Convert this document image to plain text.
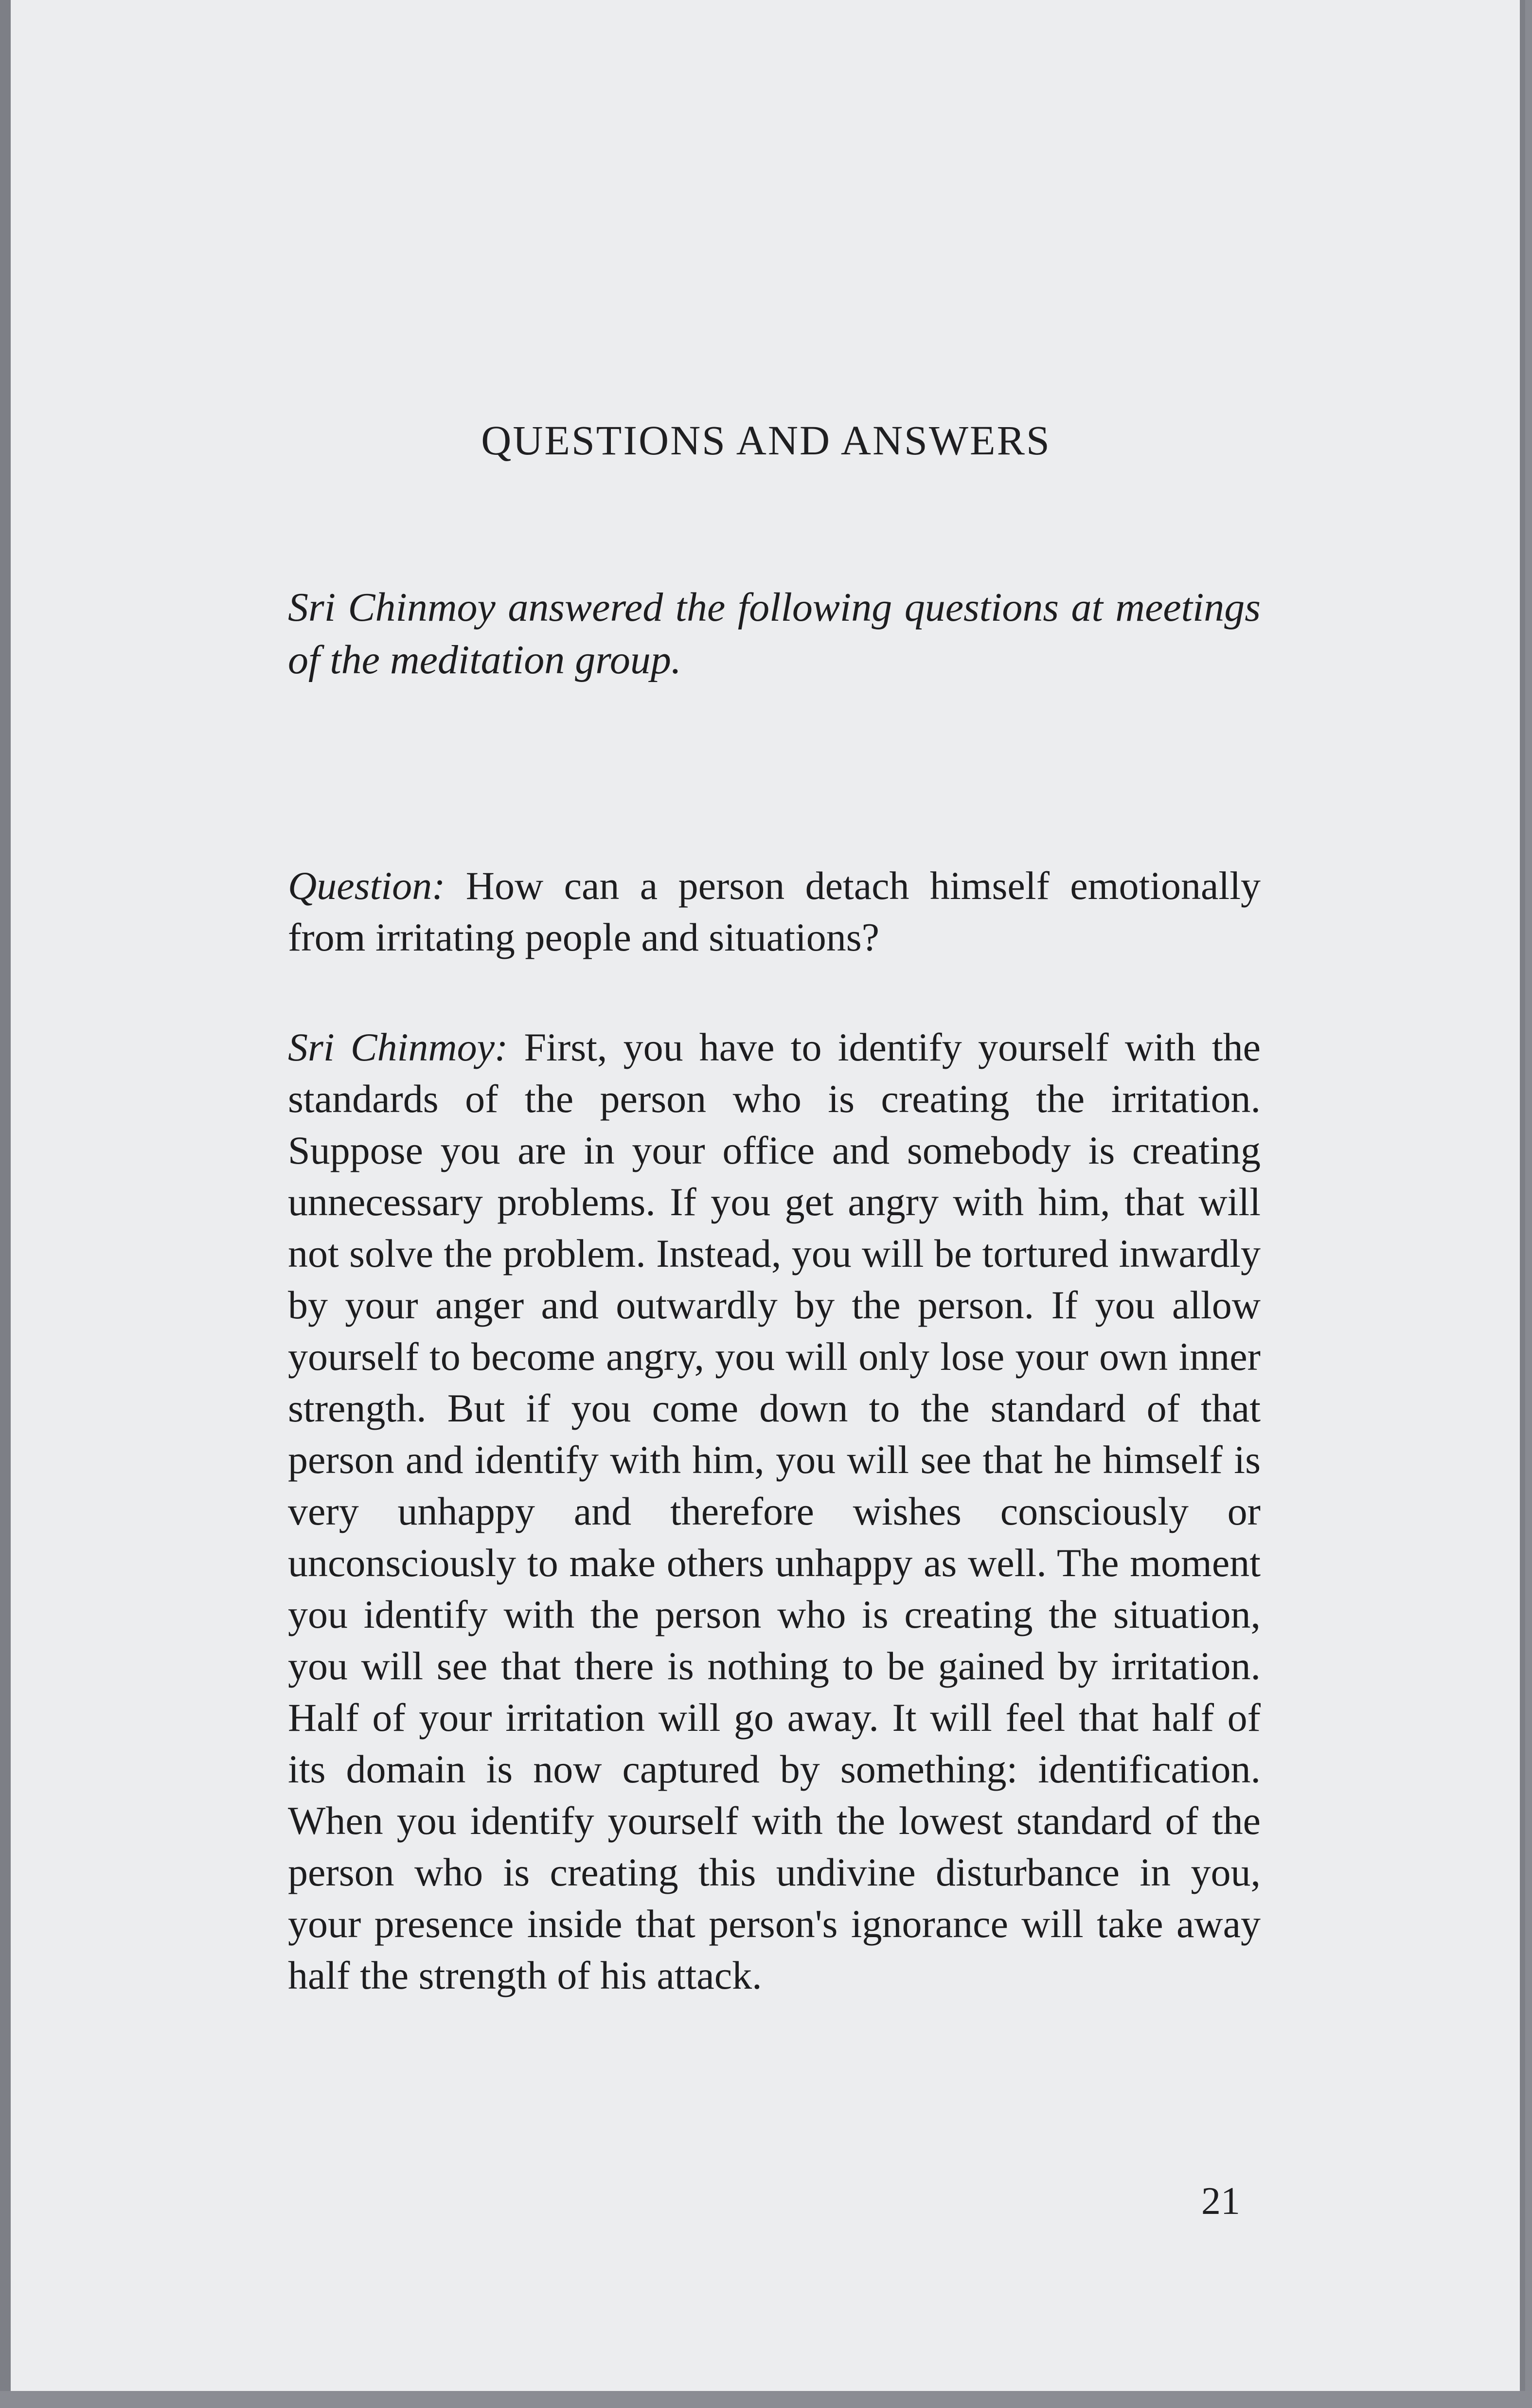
QUESTIONS AND ANSWERS
Sri Chinmoy answered the following questions at meetings of the meditation group.
Question: How can a person detach himself emotionally from irritating people and situations?
Sri Chinmoy: First, you have to identify yourself with the standards of the person who is creating the irritation. Suppose you are in your office and somebody is creating unnecessary problems. If you get angry with him, that will not solve the problem. Instead, you will be tortured inwardly by your anger and outwardly by the person. If you allow yourself to become angry, you will only lose your own inner strength. But if you come down to the standard of that person and identify with him, you will see that he himself is very unhappy and therefore wishes consciously or unconsciously to make others unhappy as well. The moment you identify with the person who is creating the situation, you will see that there is nothing to be gained by irritation. Half of your irritation will go away. It will feel that half of its domain is now captured by something: identification. When you identify yourself with the lowest standard of the person who is creating this undivine disturbance in you, your presence inside that person's ignorance will take away half the strength of his attack.
21
